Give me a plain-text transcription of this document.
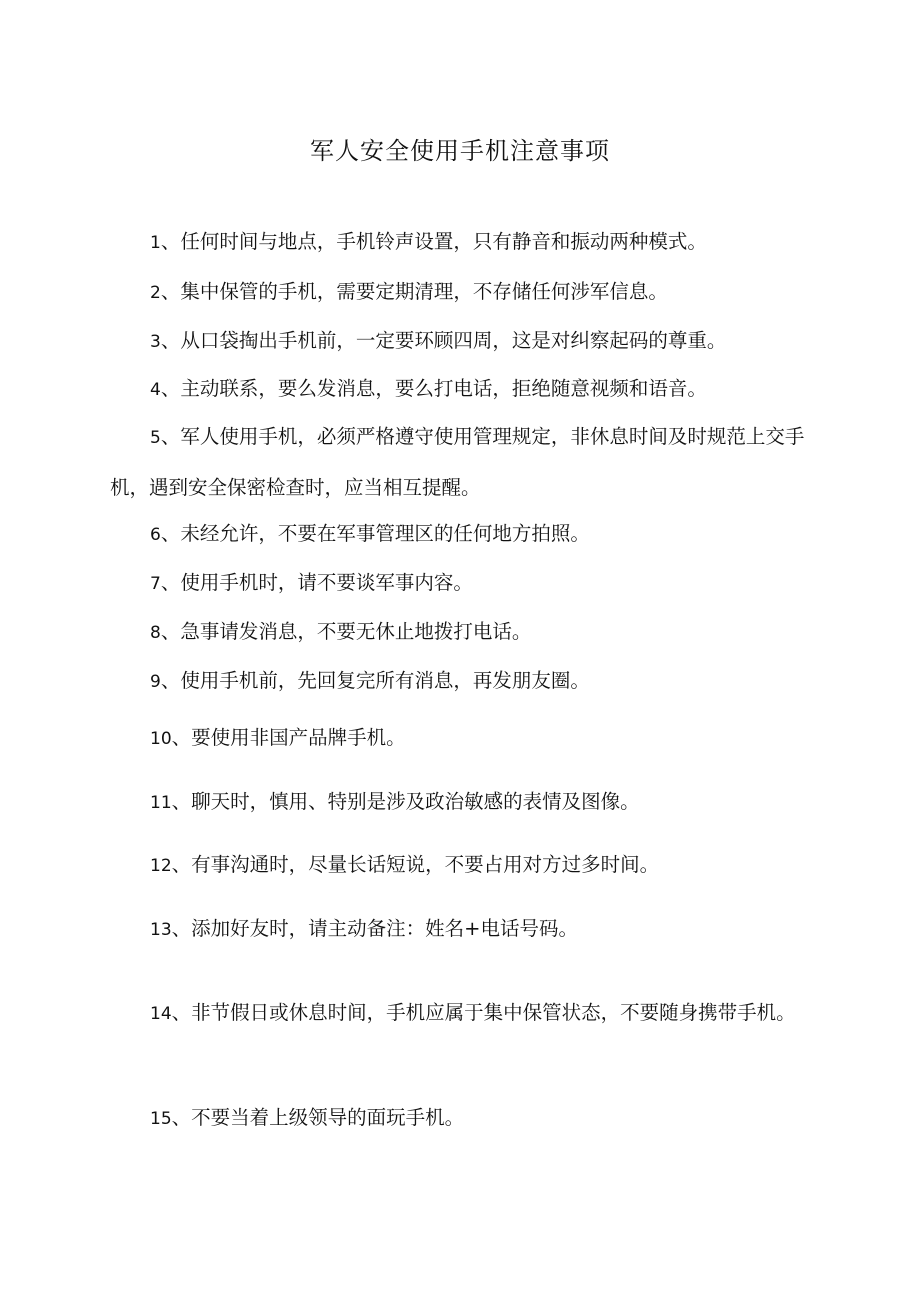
军人安全使用手机注意事项

1、任何时间与地点，手机铃声设置，只有静音和振动两种模式。

2、集中保管的手机，需要定期清理，不存储任何涉军信息。

3、从口袋掏出手机前，一定要环顾四周，这是对纠察起码的尊重。

4、主动联系，要么发消息，要么打电话，拒绝随意视频和语音。

5、军人使用手机，必须严格遵守使用管理规定，非休息时间及时规范上交手机，遇到安全保密检查时，应当相互提醒。

6、未经允许，不要在军事管理区的任何地方拍照。

7、使用手机时，请不要谈军事内容。

8、急事请发消息，不要无休止地拨打电话。

9、使用手机前，先回复完所有消息，再发朋友圈。

10、要使用非国产品牌手机。

11、聊天时，慎用、特别是涉及政治敏感的表情及图像。

12、有事沟通时，尽量长话短说，不要占用对方过多时间。

13、添加好友时，请主动备注：姓名+电话号码。

14、非节假日或休息时间，手机应属于集中保管状态，不要随身携带手机。

15、不要当着上级领导的面玩手机。
